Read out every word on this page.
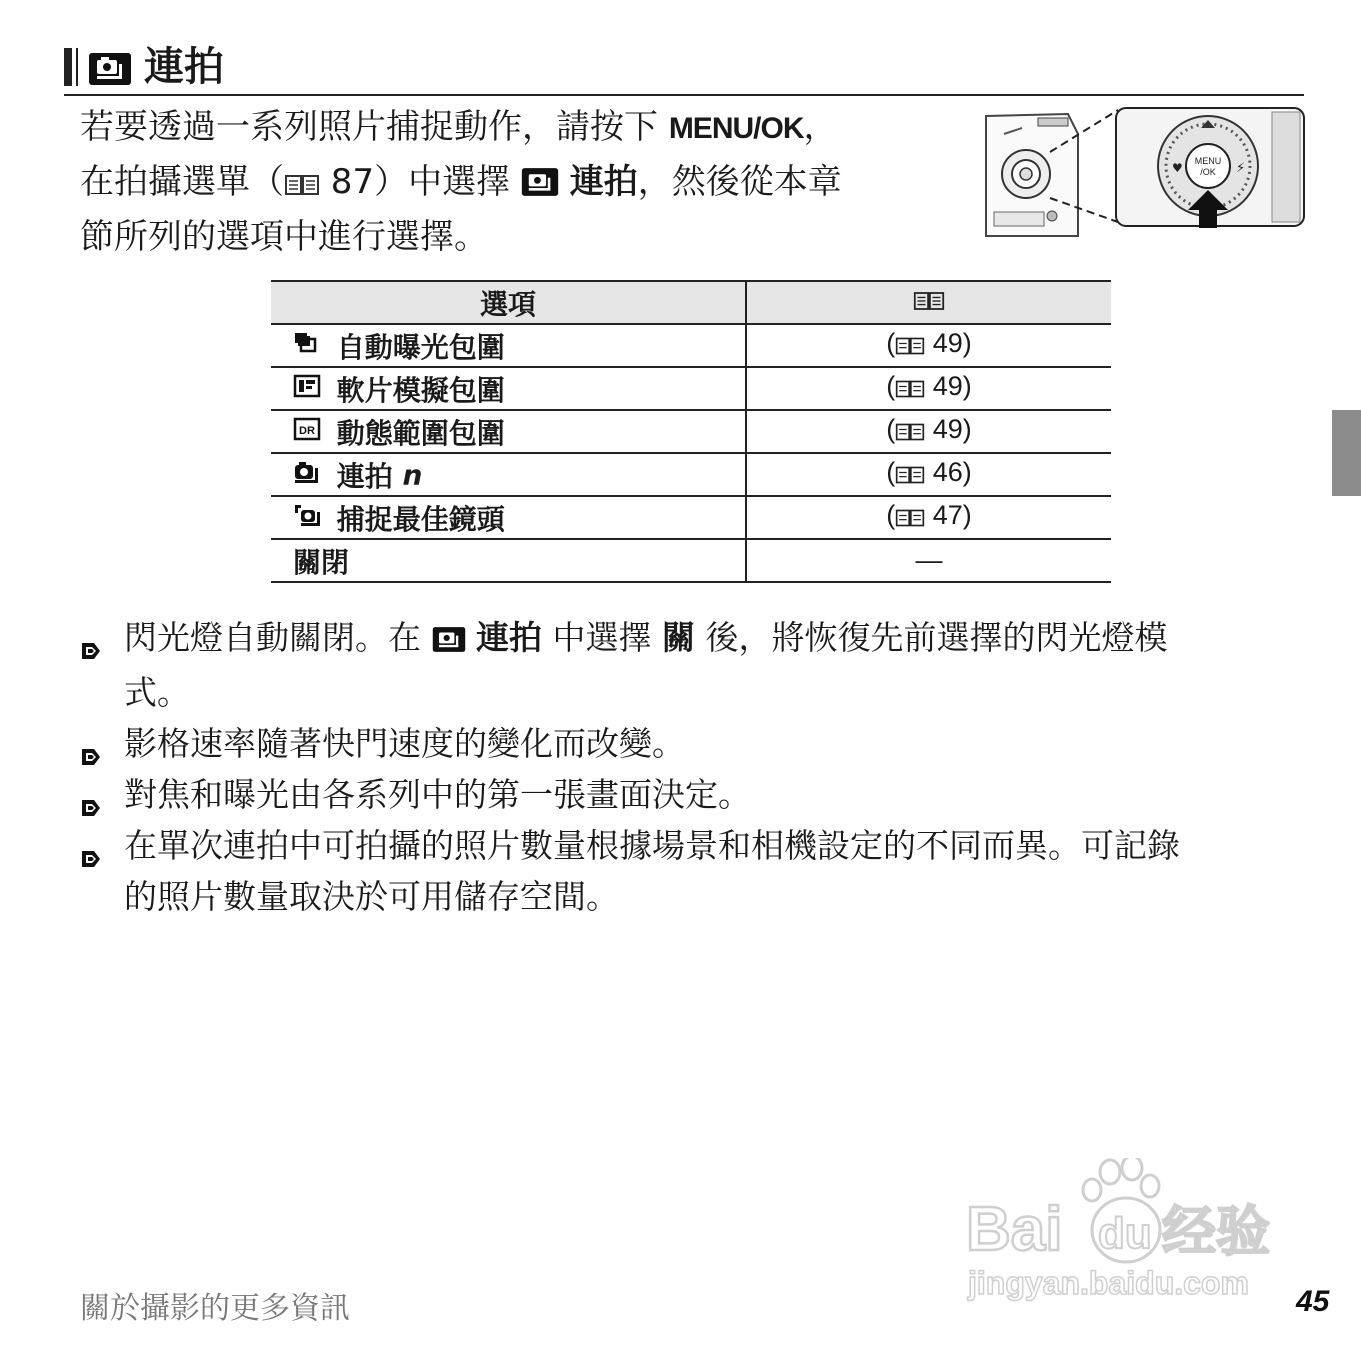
連拍
若要透過一系列照片捕捉動作，請按下 MENU/OK，
在拍攝選單（ 87）中選擇  連拍，然後從本章
節所列的選項中進行選擇。
MENU
/OK
♥	⚡
選項	
自動曝光包圍	( 49)
軟片模擬包圍	( 49)

DR 動態範圍包圍	( 49)
連拍 n	( 46)
捕捉最佳鏡頭	( 47)
關閉	—

閃光燈自動關閉。在  連拍 中選擇 關 後，將恢復先前選擇的閃光燈模

式。

影格速率隨著快門速度的變化而改變。

對焦和曝光由各系列中的第一張畫面決定。

在單次連拍中可拍攝的照片數量根據場景和相機設定的不同而異。可記錄

的照片數量取決於可用儲存空間。

Bai du 经验
jingyan.baidu.com
關於攝影的更多資訊	45
